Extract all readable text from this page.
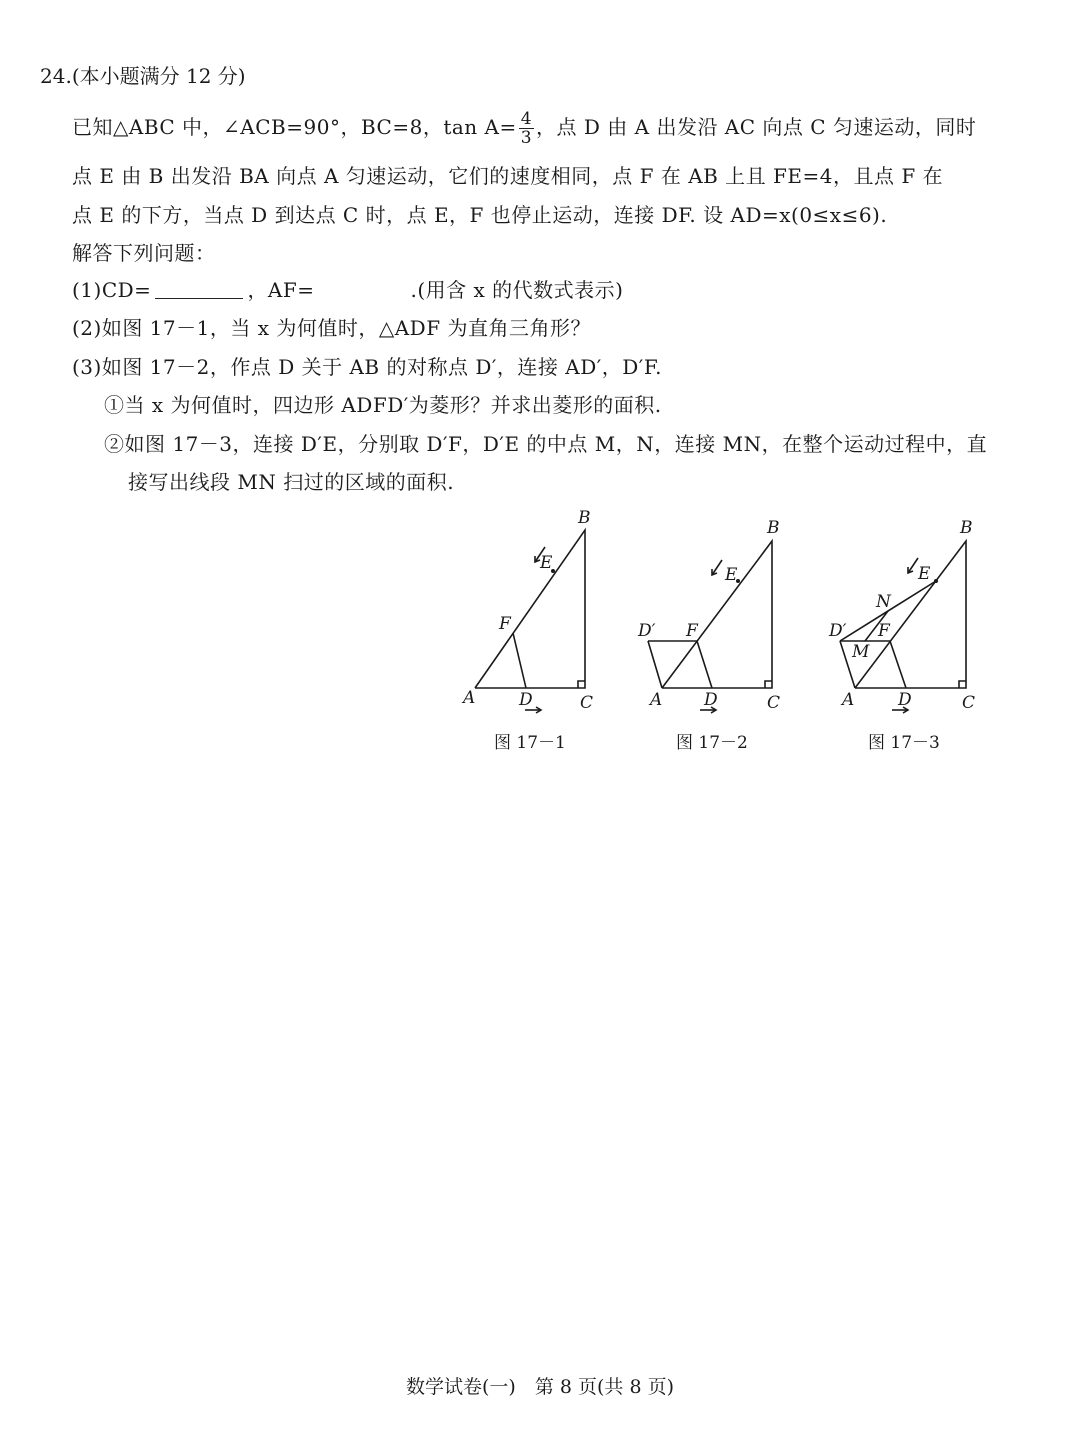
24.(本小题满分 12 分)
已知△ABC 中，∠ACB=90°，BC=8，$\tan A= \frac{4}{3}$ ，点 D 由 A 出发沿 AC 向点 C 匀速运动，同时
点 E 由 B 出发沿 BA 向点 A 匀速运动，它们的速度相同，点 F 在 AB 上且 FE=4，且点 F 在
点 E 的下方，当点 D 到达点 C 时，点 E，F 也停止运动，连接 DF. 设 AD=x(0≤x≤6).
解答下列问题：
(1)CD=	，AF=	.(用含 x 的代数式表示)
(2)如图 17－1，当 x 为何值时，△ADF 为直角三角形？
(3)如图 17－2，作点 D 关于 AB 的对称点 D′，连接 AD′，D′F.
①当 x 为何值时，四边形 ADFD′为菱形？并求出菱形的面积.
②如图 17－3，连接 D′E，分别取 D′F，D′E 的中点 M，N，连接 MN，在整个运动过程中，直
接写出线段 MN 扫过的区域的面积.
B
E
F
A	D	C
图 17－1
B
E
F
D′
A D	C
图 17－2
B
E
N
F
D′
M
A	D	C
图 17－3
数学试卷(一)　第 8 页(共 8 页)
